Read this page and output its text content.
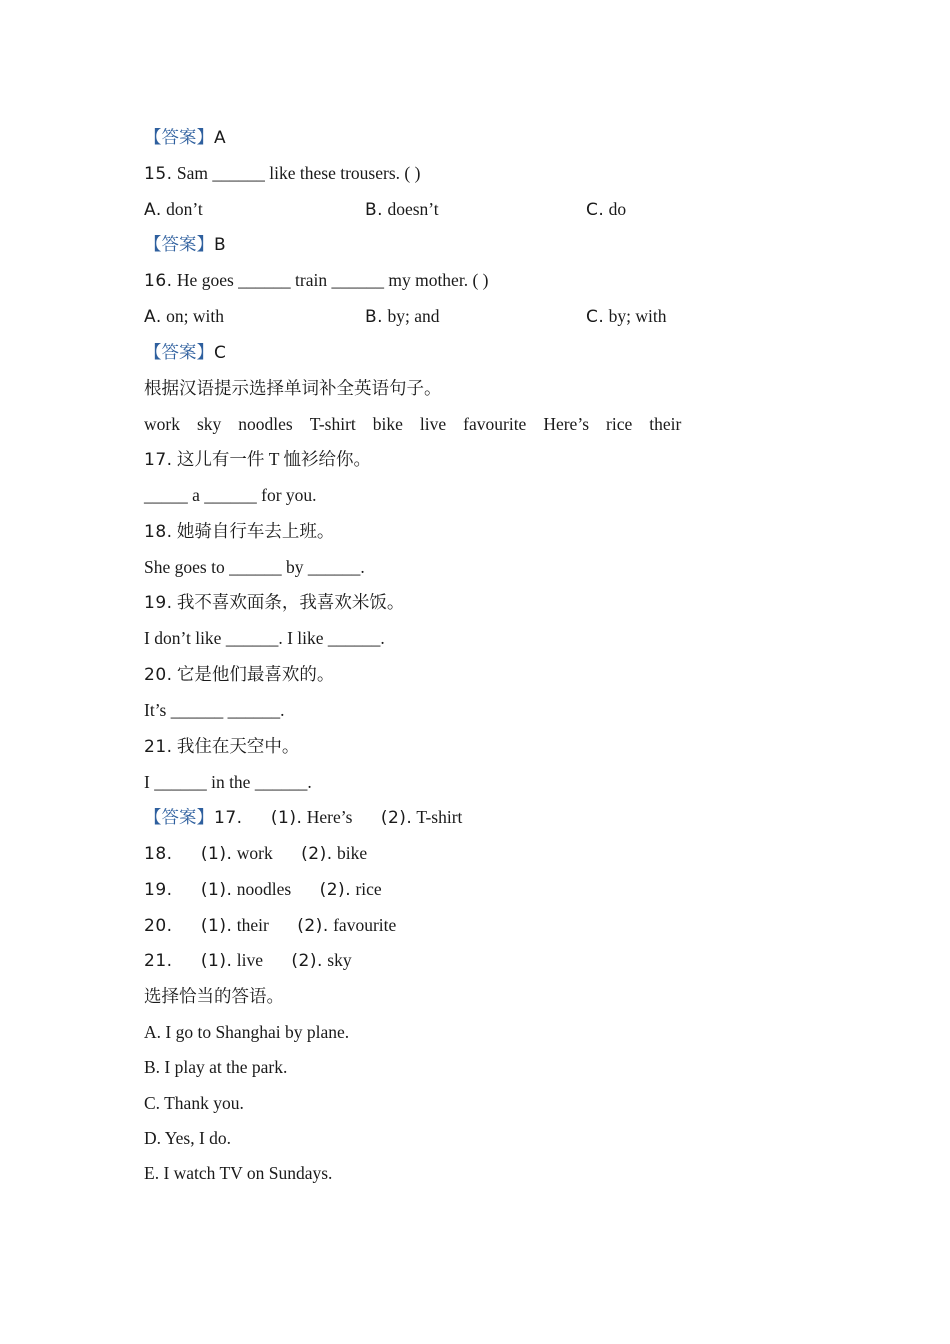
【答案】A
15. Sam ______ like these trousers. ( )
A. don’t	B. doesn’t	C. do
【答案】B
16. He goes ______ train ______ my mother. ( )
A. on; with	B. by; and	C. by; with
【答案】C
根据汉语提示选择单词补全英语句子。
work sky noodles T-shirt bike live favourite Here’s rice their
17. 这儿有一件 T 恤衫给你。
_____ a ______ for you.
18. 她骑自行车去上班。
She goes to ______ by ______.
19. 我不喜欢面条，我喜欢米饭。
I don’t like ______. I like ______.
20. 它是他们最喜欢的。
It’s ______ ______.
21. 我住在天空中。
I ______ in the ______.
【答案】17. (1). Here’s (2). T-shirt
18. (1). work (2). bike
19. (1). noodles (2). rice
20. (1). their (2). favourite
21. (1). live (2). sky
选择恰当的答语。
A. I go to Shanghai by plane.
B. I play at the park.
C. Thank you.
D. Yes, I do.
E. I watch TV on Sundays.
